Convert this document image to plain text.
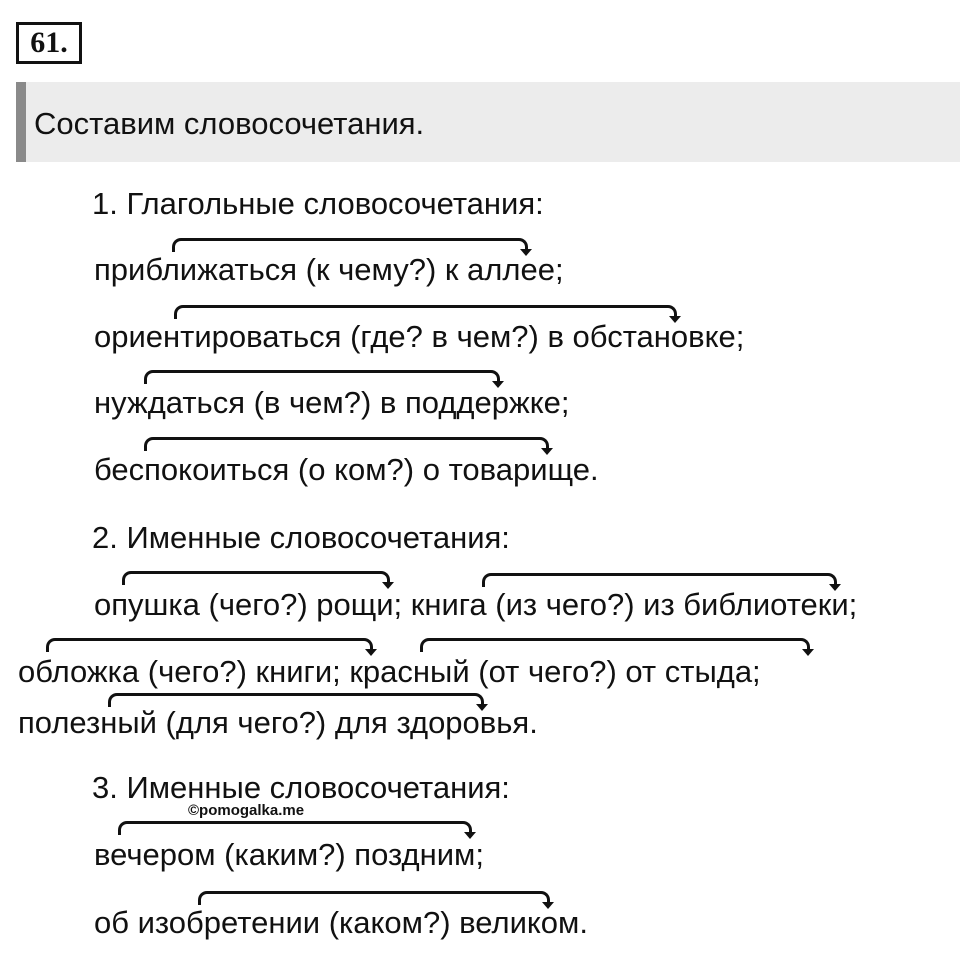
61.
Составим словосочетания.
1. Глагольные словосочетания:
приближаться (к чему?) к аллее;
ориентироваться (где? в чем?) в обстановке;
нуждаться (в чем?) в поддержке;
беспокоиться (о ком?) о товарище.
2. Именные словосочетания:
опушка (чего?) рощи; книга (из чего?) из библиотеки;
обложка (чего?) книги; красный (от чего?) от стыда;
полезный (для чего?) для здоровья.
3. Именные словосочетания:
©pomogalka.me
вечером (каким?) поздним;
об изобретении (каком?) великом.
